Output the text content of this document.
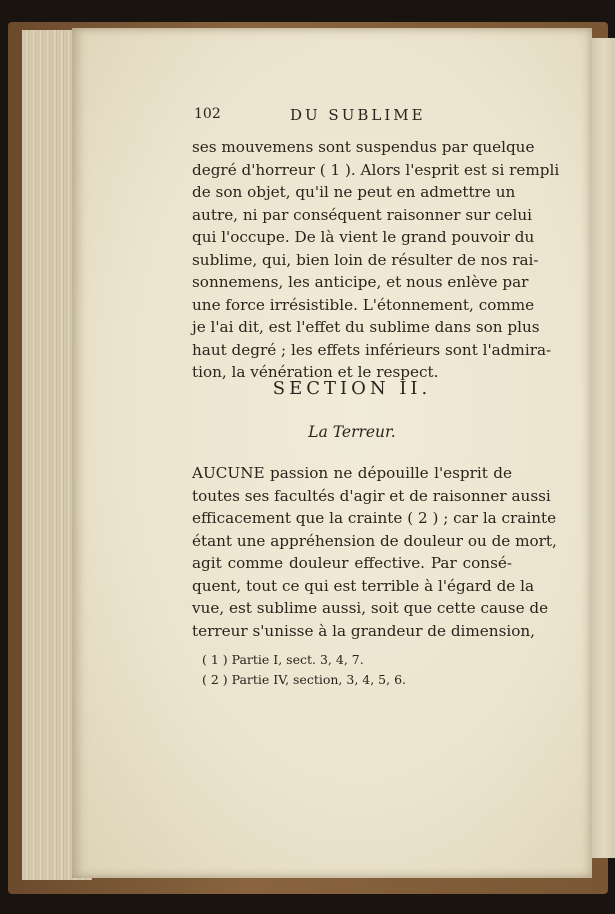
102	DU SUBLIME
ses mouvemens sont suspendus par quelque
degré d'horreur ( 1 ). Alors l'esprit est si rempli
de son objet, qu'il ne peut en admettre un
autre, ni par conséquent raisonner sur celui
qui l'occupe. De là vient le grand pouvoir du
sublime, qui, bien loin de résulter de nos rai-
sonnemens, les anticipe, et nous enlève par
une force irrésistible. L'étonnement, comme
je l'ai dit, est l'effet du sublime dans son plus
haut degré ; les effets inférieurs sont l'admira-
tion, la vénération et le respect.
SECTION II.
La Terreur.
AUCUNE passion ne dépouille l'esprit de
toutes ses facultés d'agir et de raisonner aussi
efficacement que la crainte ( 2 ) ; car la crainte
étant une appréhension de douleur ou de mort,
agit comme douleur effective. Par consé-
quent, tout ce qui est terrible à l'égard de la
vue, est sublime aussi, soit que cette cause de
terreur s'unisse à la grandeur de dimension,
( 1 ) Partie I, sect. 3, 4, 7.
( 2 ) Partie IV, section, 3, 4, 5, 6.
